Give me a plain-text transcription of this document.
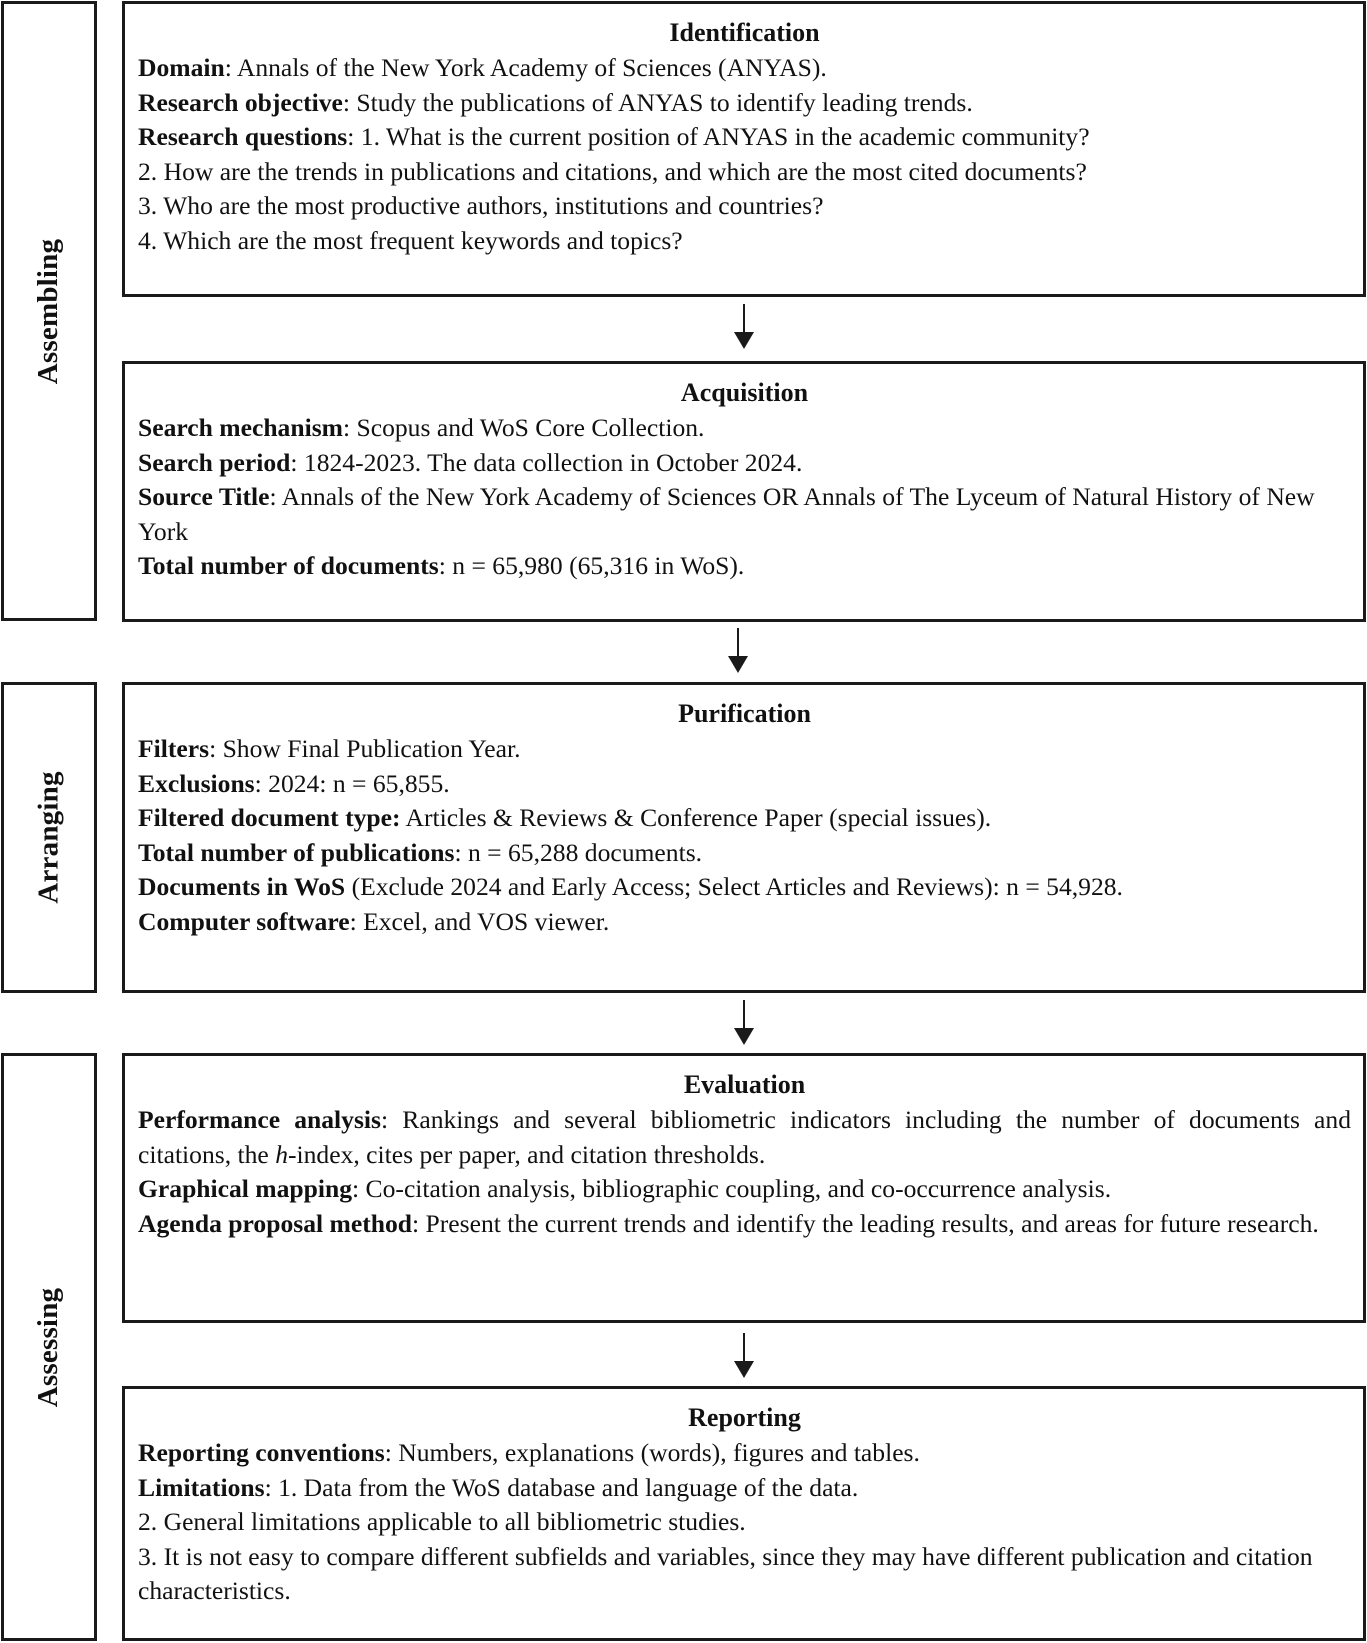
Assembling
Arranging
Assessing
Identification

Domain: Annals of the New York Academy of Sciences (ANYAS).

Research objective: Study the publications of ANYAS to identify leading trends.

Research questions: 1. What is the current position of ANYAS in the academic community?

2. How are the trends in publications and citations, and which are the most cited documents?

3. Who are the most productive authors, institutions and countries?

4. Which are the most frequent keywords and topics?

Acquisition

Search mechanism: Scopus and WoS Core Collection.

Search period: 1824-2023. The data collection in October 2024.

Source Title: Annals of the New York Academy of Sciences OR Annals of The Lyceum of Natural History of New York

Total number of documents: n = 65,980 (65,316 in WoS).

Purification

Filters: Show Final Publication Year.

Exclusions: 2024: n = 65,855.

Filtered document type: Articles & Reviews & Conference Paper (special issues).

Total number of publications: n = 65,288 documents.

Documents in WoS (Exclude 2024 and Early Access; Select Articles and Reviews): n = 54,928.

Computer software: Excel, and VOS viewer.

Evaluation

Performance analysis: Rankings and several bibliometric indicators including the number of documents and citations, the h-index, cites per paper, and citation thresholds.

Graphical mapping: Co-citation analysis, bibliographic coupling, and co-occurrence analysis.

Agenda proposal method: Present the current trends and identify the leading results, and areas for future research.

Reporting

Reporting conventions: Numbers, explanations (words), figures and tables.

Limitations: 1. Data from the WoS database and language of the data.

2. General limitations applicable to all bibliometric studies.

3. It is not easy to compare different subfields and variables, since they may have different publication and citation characteristics.
